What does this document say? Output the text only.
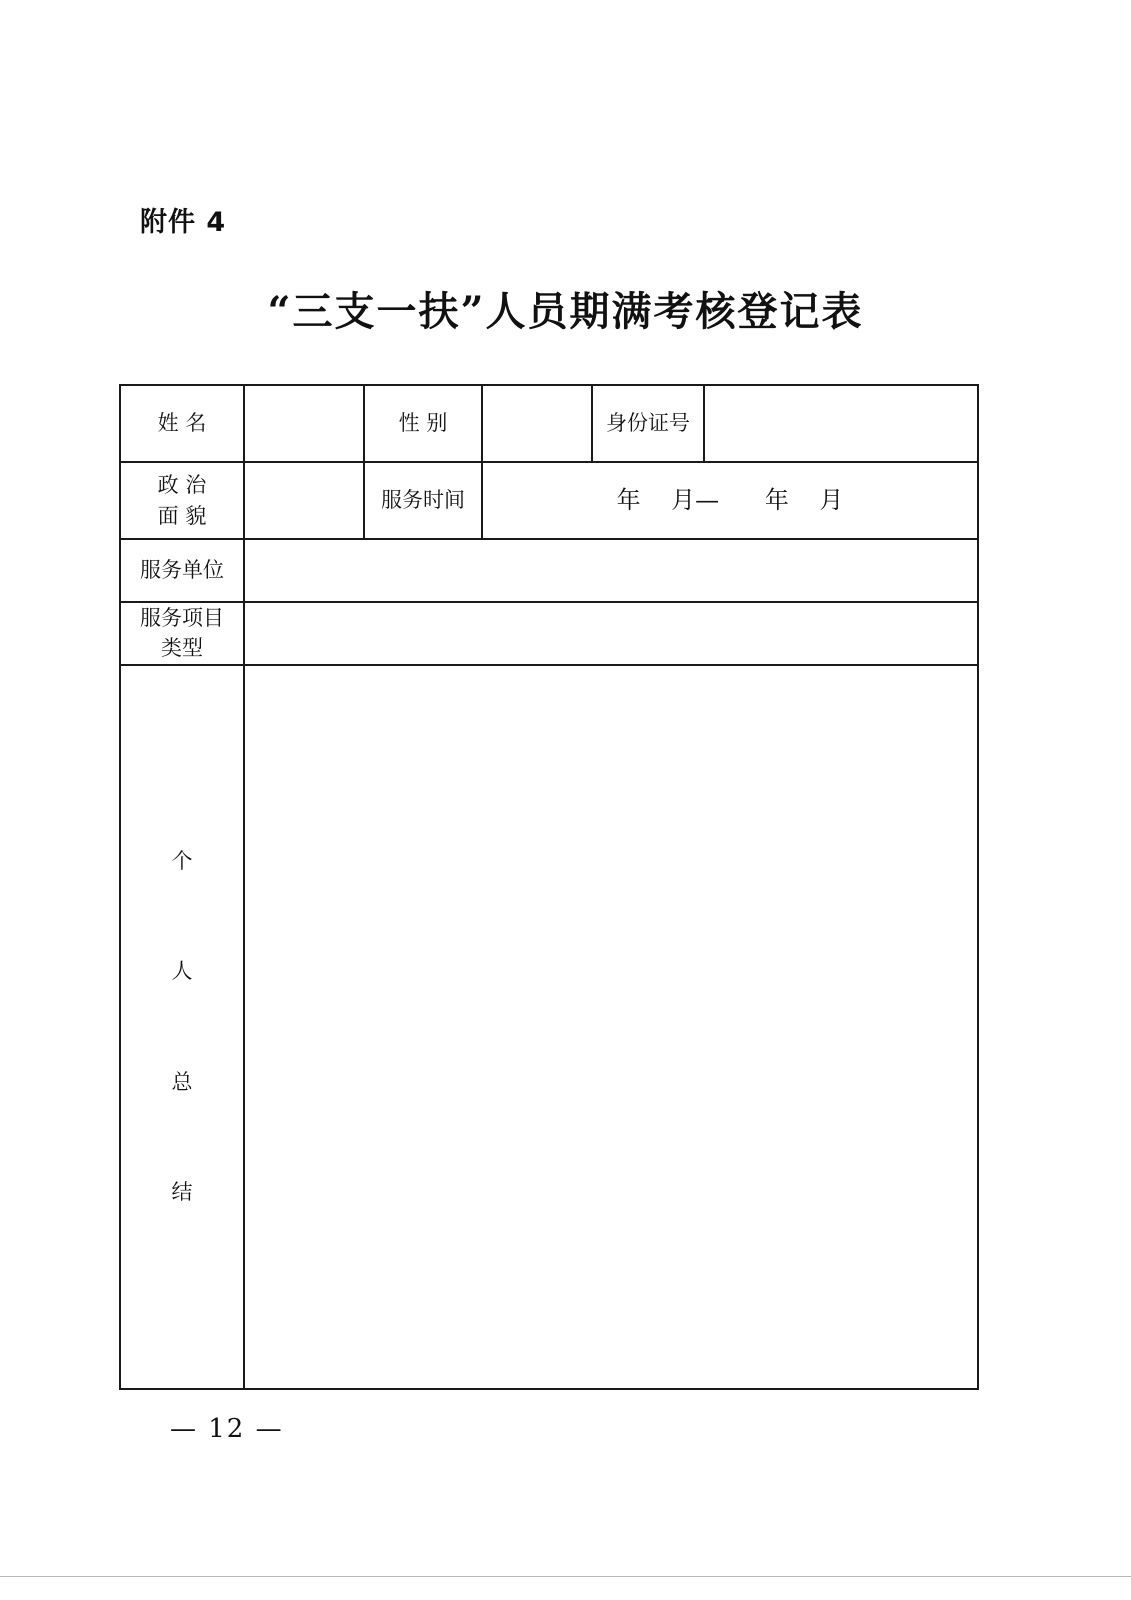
附件 4
“三支一扶”人员期满考核登记表
姓 名		性 别		身份证号	

政 治
面 貌		服务时间	年    月—      年    月		
服务单位					

服务项目
类型					

个
人
总
结					

— 12 —
